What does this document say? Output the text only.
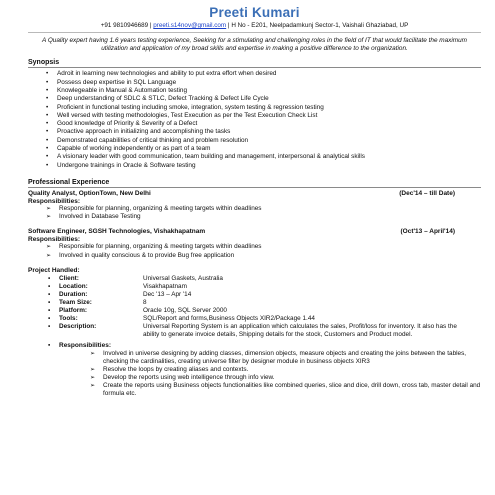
Preeti Kumari
+91 9810946689 | preeti.s14nov@gmail.com | H No - E201, Neelpadamkunj Sector-1, Vaishali Ghaziabad, UP
A Quality expert having 1.6 years testing experience, Seeking for a stimulating and challenging roles in the field of IT that would facilitate the maximum utilization and application of my broad skills and expertise in making a positive difference to the organization.
Synopsis
• Adroit in learning new technologies and ability to put extra effort when desired
• Possess deep expertise in SQL Language
• Knowlegeable in Manual & Automation testing
• Deep understanding of SDLC & STLC, Defect Tracking & Defect Life Cycle
• Proficient in functional testing including smoke, integration, system testing & regression testing
• Well versed with testing methodologies, Test Execution as per the Test Execution Check List
• Good knowledge of Priority & Severity of a Defect
• Proactive approach in initializing and accomplishing the tasks
• Demonstrated capabilities of critical thinking and problem resolution
• Capable of working independently or as part of a team
• A visionary leader with good communication, team building and management, interpersonal & analytical skills
• Undergone trainings in Oracle & Software testing
Professional Experience
Quality Analyst, OptionTown, New Delhi	(Dec'14 – till Date)
Responsibilities:
➢ Responsible for planning, organizing & meeting targets within deadlines
➢ Involved in Database Testing
Software Engineer, SGSH Technologies, Vishakhapatnam	(Oct'13 – April'14)
Responsibilities:
➢ Responsible for planning, organizing & meeting targets within deadlines
➢ Involved in quality conscious & to provide Bug free application
Project Handled:
▪ Client:	Universal Gaskets, Australia
▪ Location:	Visakhapatnam
▪ Duration:	Dec '13 – Apr '14
▪ Team Size:	8
▪ Platform:	Oracle 10g, SQL Server 2000
▪ Tools:	SQL/Report and forms,Business Objects XIR2/Package 1.44
▪ Description:	Universal Reporting System is an application which calculates the sales, Profit/loss for inventory. It also has the ability to generate invoice details, Shipping details for the stock, Customers and Product model.
▪ Responsibilities:
➢ Involved in universe designing by adding classes, dimension objects, measure objects and creating the joins between the tables, checking the cardinalities, creating universe filter by designer module in business objects XIR3
➢ Resolve the loops by creating aliases and contexts.
➢ Develop the reports using web intelligence through info view.
➢ Create the reports using Business objects functionalities like combined queries, slice and dice, drill down, cross tab, master detail and formula etc.
